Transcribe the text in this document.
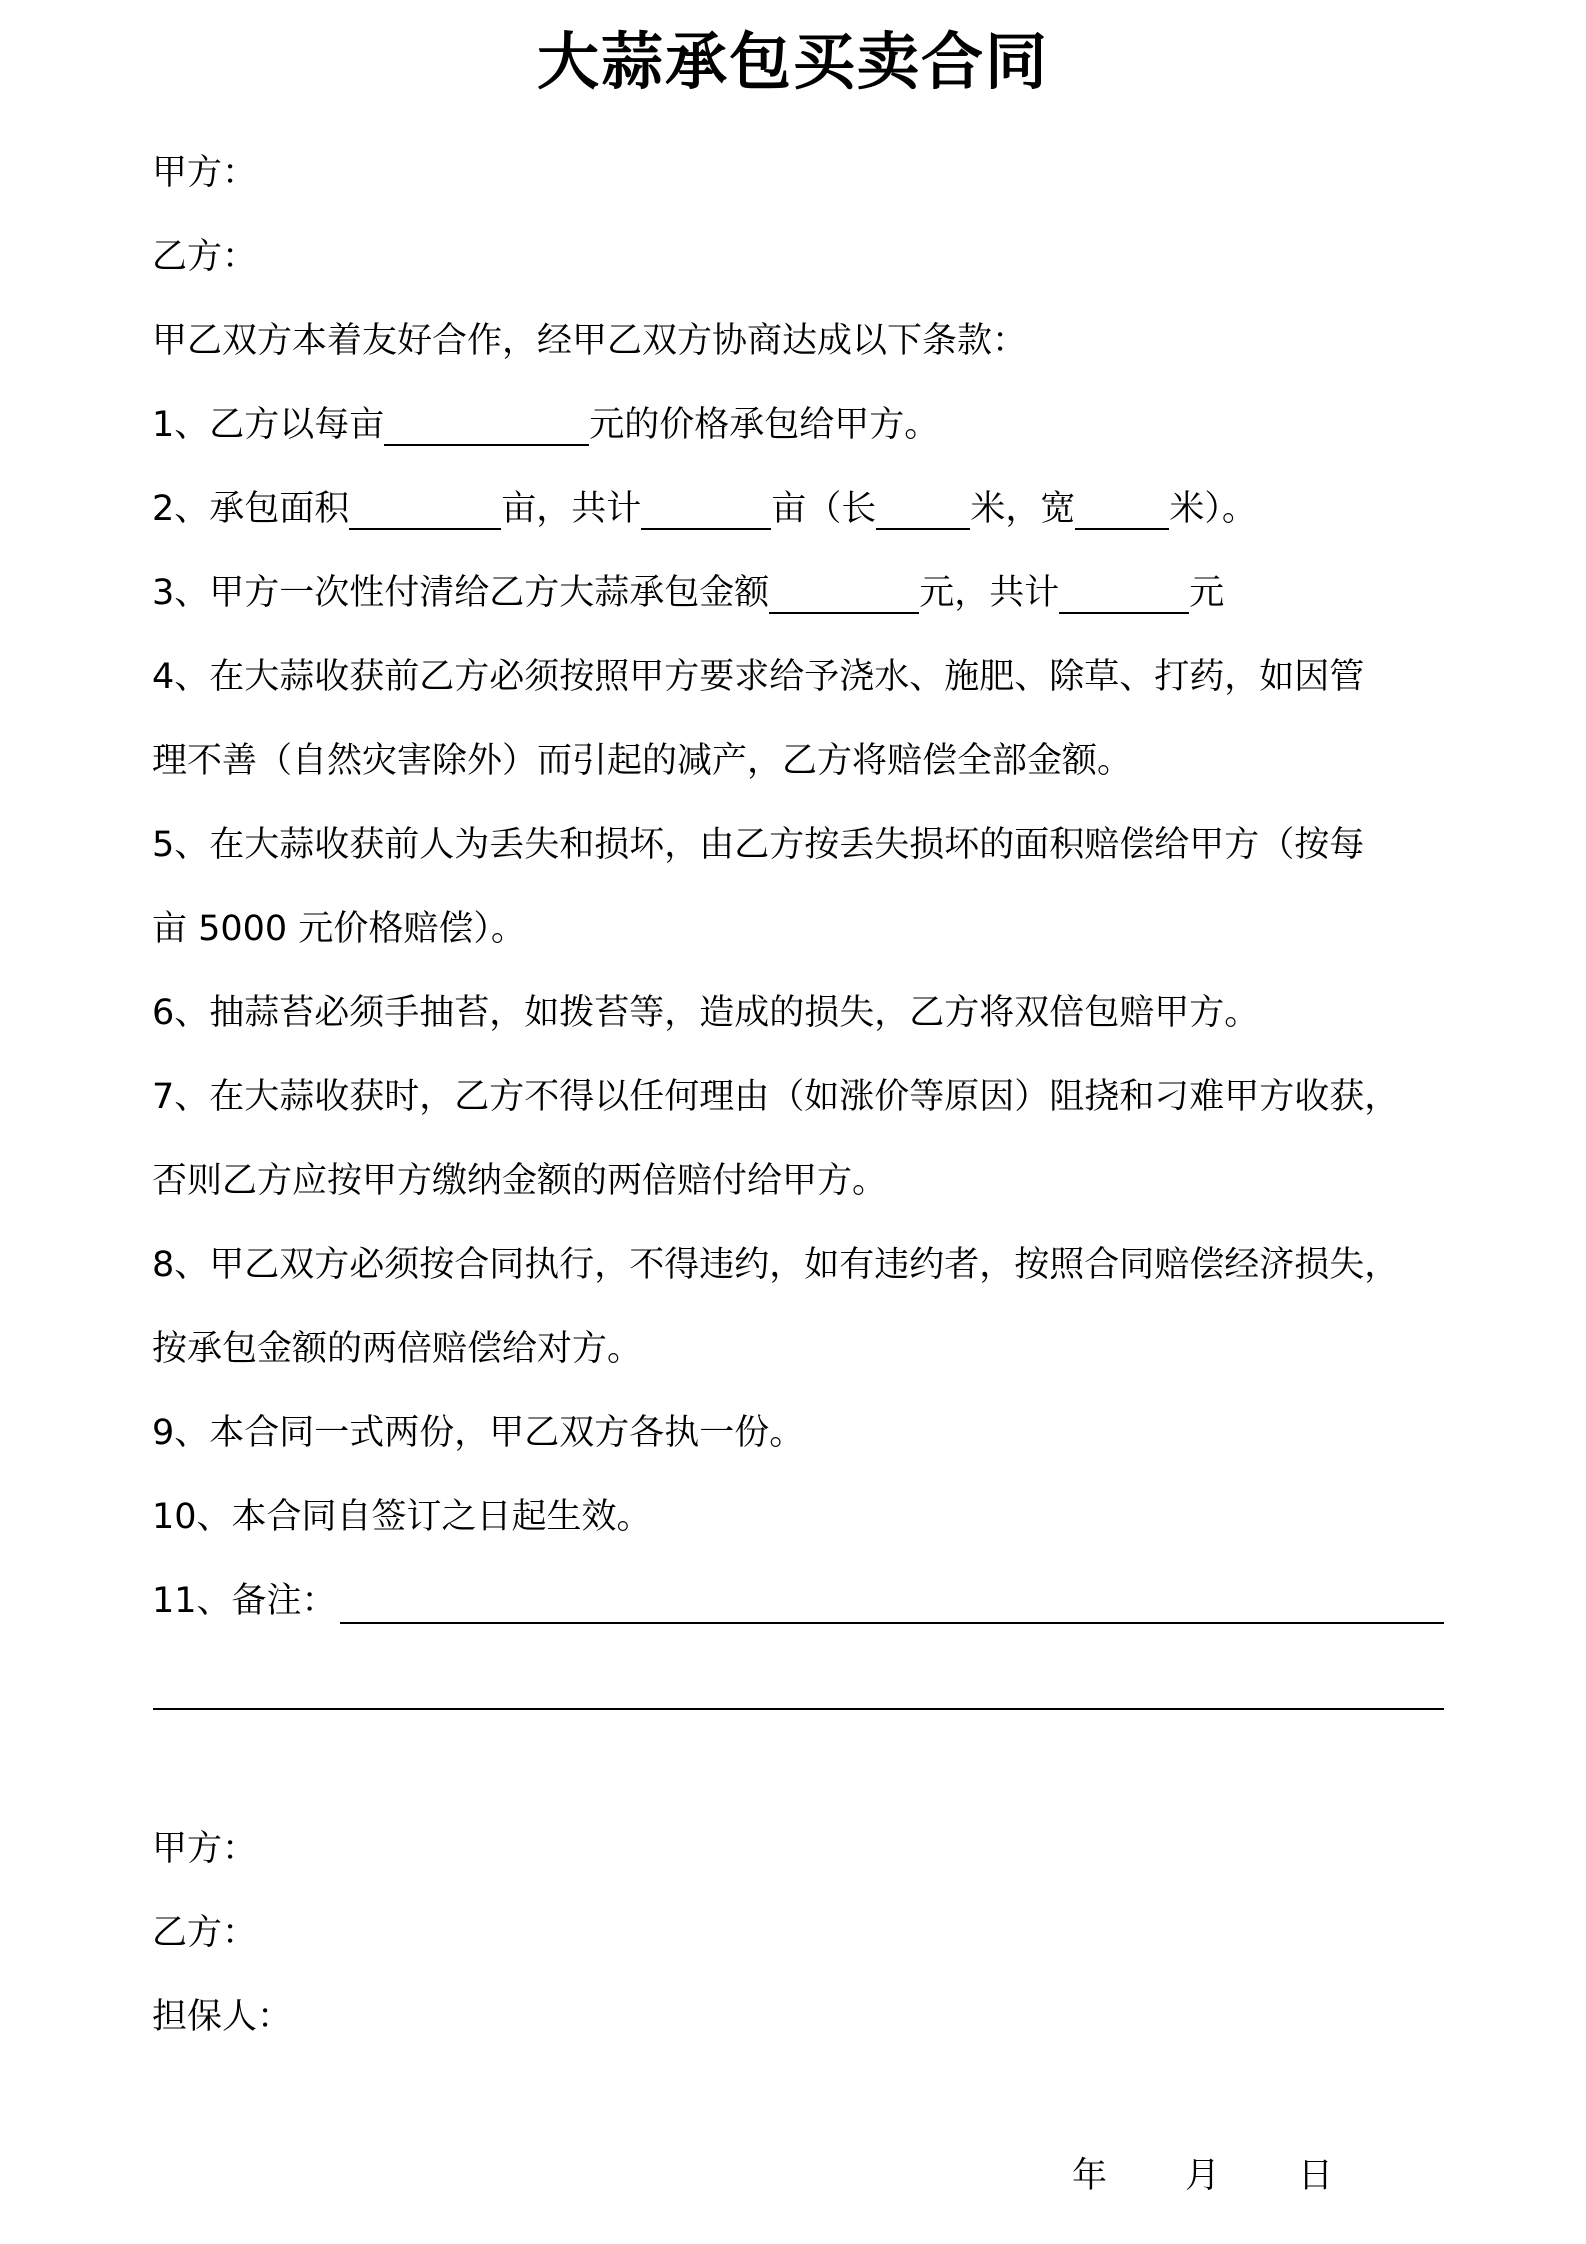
大蒜承包买卖合同
甲方：
乙方：
甲乙双方本着友好合作，经甲乙双方协商达成以下条款：
1、乙方以每亩	元的价格承包给甲方。
2、承包面积	亩，共计	亩（长	米，宽	米）。
3、甲方一次性付清给乙方大蒜承包金额	元，共计	元
4、在大蒜收获前乙方必须按照甲方要求给予浇水、施肥、除草、打药，如因管
理不善（自然灾害除外）而引起的减产，乙方将赔偿全部金额。
5、在大蒜收获前人为丢失和损坏，由乙方按丢失损坏的面积赔偿给甲方（按每
亩 5000 元价格赔偿）。
6、抽蒜苔必须手抽苔，如拨苔等，造成的损失，乙方将双倍包赔甲方。
7、在大蒜收获时，乙方不得以任何理由（如涨价等原因）阻挠和刁难甲方收获，
否则乙方应按甲方缴纳金额的两倍赔付给甲方。
8、甲乙双方必须按合同执行，不得违约，如有违约者，按照合同赔偿经济损失，
按承包金额的两倍赔偿给对方。
9、本合同一式两份，甲乙双方各执一份。
10、本合同自签订之日起生效。
11、备注：
甲方：
乙方：
担保人：
年 月 日
